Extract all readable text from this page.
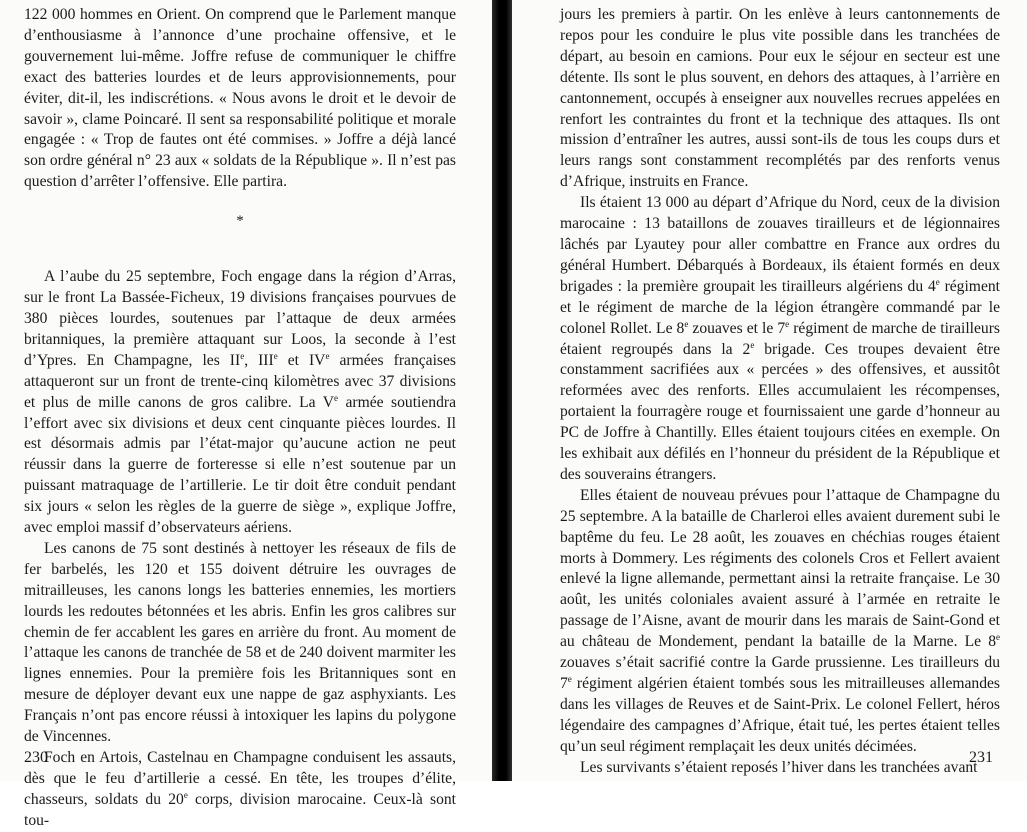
122 000 hommes en Orient. On comprend que le Parlement manque d’enthousiasme à l’annonce d’une prochaine offensive, et le gouvernement lui-même. Joffre refuse de communiquer le chiffre exact des batteries lourdes et de leurs approvisionnements, pour éviter, dit-il, les indiscrétions. « Nous avons le droit et le devoir de savoir », clame Poincaré. Il sent sa responsabilité politique et morale engagée : « Trop de fautes ont été commises. » Joffre a déjà lancé son ordre général n° 23 aux « soldats de la République ». Il n’est pas question d’arrêter l’offensive. Elle partira.

*

A l’aube du 25 septembre, Foch engage dans la région d’Arras, sur le front La Bassée-Ficheux, 19 divisions françaises pourvues de 380 pièces lourdes, soutenues par l’attaque de deux armées britanniques, la première attaquant sur Loos, la seconde à l’est d’Ypres. En Champagne, les IIe, IIIe et IVe armées françaises attaqueront sur un front de trente-cinq kilomètres avec 37 divisions et plus de mille canons de gros calibre. La Ve armée soutiendra l’effort avec six divisions et deux cent cinquante pièces lourdes. Il est désormais admis par l’état-major qu’aucune action ne peut réussir dans la guerre de forteresse si elle n’est soutenue par un puissant matraquage de l’artillerie. Le tir doit être conduit pendant six jours « selon les règles de la guerre de siège », explique Joffre, avec emploi massif d’observateurs aériens.

Les canons de 75 sont destinés à nettoyer les réseaux de fils de fer barbelés, les 120 et 155 doivent détruire les ouvrages de mitrailleuses, les canons longs les batteries ennemies, les mortiers lourds les redoutes bétonnées et les abris. Enfin les gros calibres sur chemin de fer accablent les gares en arrière du front. Au moment de l’attaque les canons de tranchée de 58 et de 240 doivent marmiter les lignes ennemies. Pour la première fois les Britanniques sont en mesure de déployer devant eux une nappe de gaz asphyxiants. Les Français n’ont pas encore réussi à intoxiquer les lapins du polygone de Vincennes.

Foch en Artois, Castelnau en Champagne conduisent les assauts, dès que le feu d’artillerie a cessé. En tête, les troupes d’élite, chasseurs, soldats du 20e corps, division marocaine. Ceux-là sont tou-

230

jours les premiers à partir. On les enlève à leurs cantonnements de repos pour les conduire le plus vite possible dans les tranchées de départ, au besoin en camions. Pour eux le séjour en secteur est une détente. Ils sont le plus souvent, en dehors des attaques, à l’arrière en cantonnement, occupés à enseigner aux nouvelles recrues appelées en renfort les contraintes du front et la technique des attaques. Ils ont mission d’entraîner les autres, aussi sont-ils de tous les coups durs et leurs rangs sont constamment recomplétés par des renforts venus d’Afrique, instruits en France.

Ils étaient 13 000 au départ d’Afrique du Nord, ceux de la division marocaine : 13 bataillons de zouaves tirailleurs et de légionnaires lâchés par Lyautey pour aller combattre en France aux ordres du général Humbert. Débarqués à Bordeaux, ils étaient formés en deux brigades : la première groupait les tirailleurs algériens du 4e régiment et le régiment de marche de la légion étrangère commandé par le colonel Rollet. Le 8e zouaves et le 7e régiment de marche de tirailleurs étaient regroupés dans la 2e brigade. Ces troupes devaient être constamment sacrifiées aux « percées » des offensives, et aussitôt reformées avec des renforts. Elles accumulaient les récompenses, portaient la fourragère rouge et fournissaient une garde d’honneur au PC de Joffre à Chantilly. Elles étaient toujours citées en exemple. On les exhibait aux défilés en l’honneur du président de la République et des souverains étrangers.

Elles étaient de nouveau prévues pour l’attaque de Champagne du 25 septembre. A la bataille de Charleroi elles avaient durement subi le baptême du feu. Le 28 août, les zouaves en chéchias rouges étaient morts à Dommery. Les régiments des colonels Cros et Fellert avaient enlevé la ligne allemande, permettant ainsi la retraite française. Le 30 août, les unités coloniales avaient assuré à l’armée en retraite le passage de l’Aisne, avant de mourir dans les marais de Saint-Gond et au château de Mondement, pendant la bataille de la Marne. Le 8e zouaves s’était sacrifié contre la Garde prussienne. Les tirailleurs du 7e régiment algérien étaient tombés sous les mitrailleuses allemandes dans les villages de Reuves et de Saint-Prix. Le colonel Fellert, héros légendaire des campagnes d’Afrique, était tué, les pertes étaient telles qu’un seul régiment remplaçait les deux unités décimées.

Les survivants s’étaient reposés l’hiver dans les tranchées avant

231
